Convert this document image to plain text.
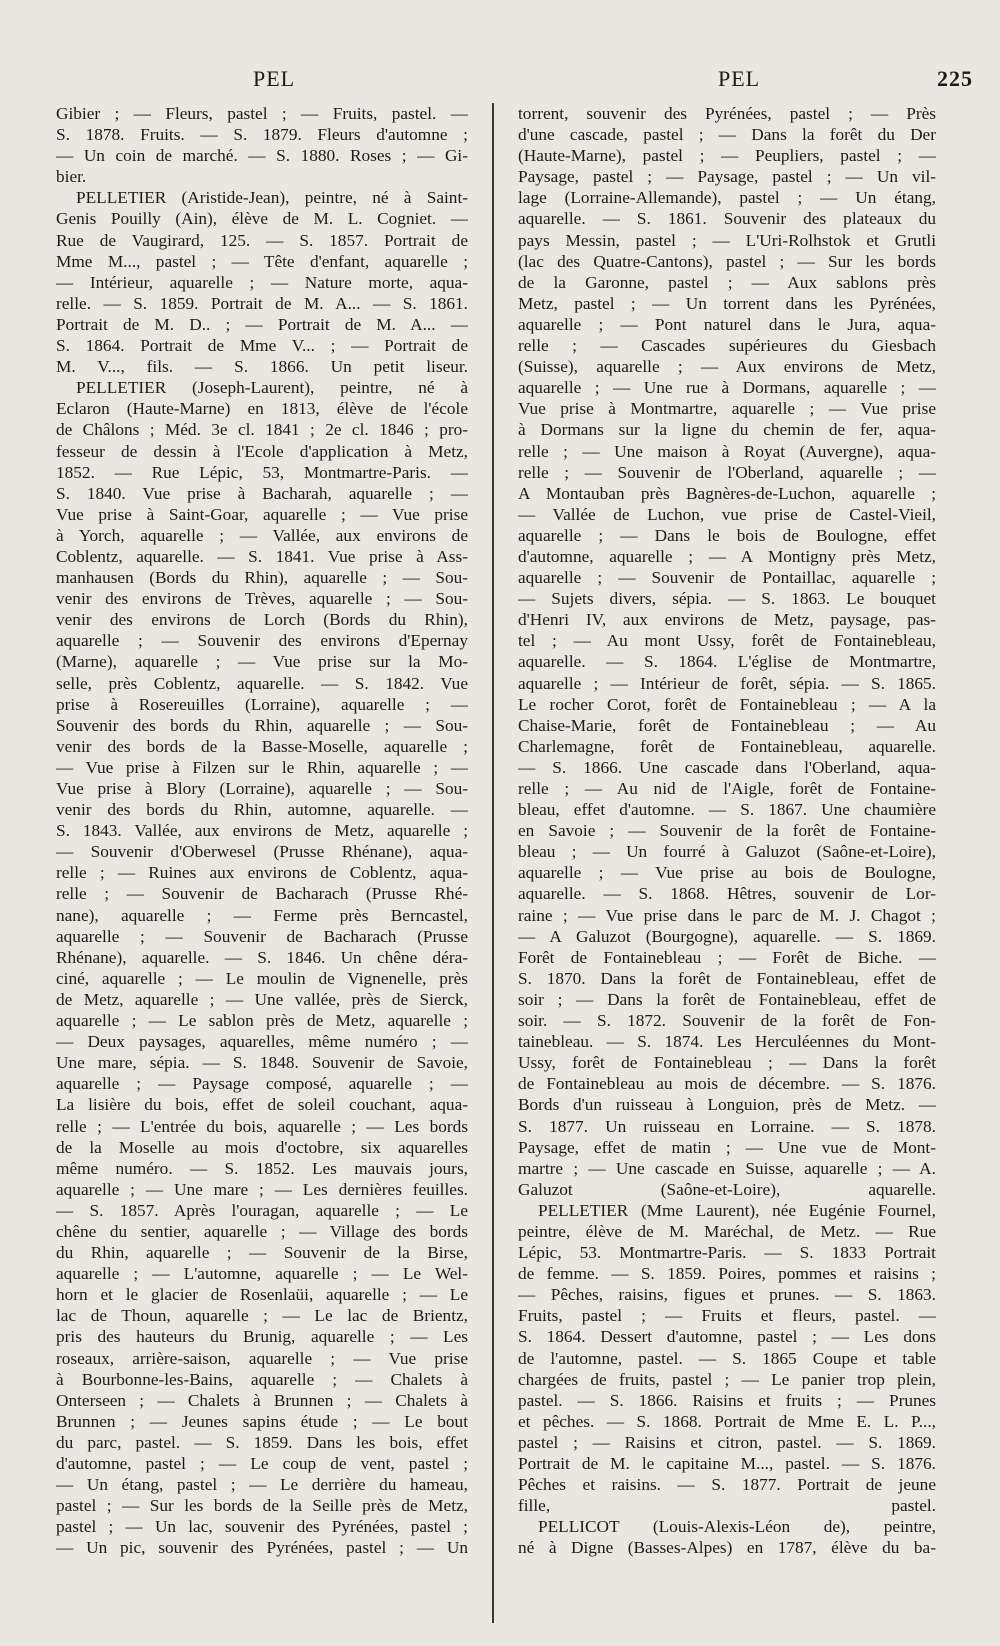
PEL	PEL	225
Gibier ; — Fleurs, pastel ; — Fruits, pastel. —
S. 1878. Fruits. — S. 1879. Fleurs d'automne ;
— Un coin de marché. — S. 1880. Roses ; — Gi-
bier.
PELLETIER (Aristide-Jean), peintre, né à Saint-
Genis Pouilly (Ain), élève de M. L. Cogniet. —
Rue de Vaugirard, 125. — S. 1857. Portrait de
Mme M..., pastel ; — Tête d'enfant, aquarelle ;
— Intérieur, aquarelle ; — Nature morte, aqua-
relle. — S. 1859. Portrait de M. A... — S. 1861.
Portrait de M. D.. ; — Portrait de M. A... —
S. 1864. Portrait de Mme V... ; — Portrait de
M. V..., fils. — S. 1866. Un petit liseur.
PELLETIER (Joseph-Laurent), peintre, né à
Eclaron (Haute-Marne) en 1813, élève de l'école
de Châlons ; Méd. 3e cl. 1841 ; 2e cl. 1846 ; pro-
fesseur de dessin à l'Ecole d'application à Metz,
1852. — Rue Lépic, 53, Montmartre-Paris. —
S. 1840. Vue prise à Bacharah, aquarelle ; —
Vue prise à Saint-Goar, aquarelle ; — Vue prise
à Yorch, aquarelle ; — Vallée, aux environs de
Coblentz, aquarelle. — S. 1841. Vue prise à Ass-
manhausen (Bords du Rhin), aquarelle ; — Sou-
venir des environs de Trèves, aquarelle ; — Sou-
venir des environs de Lorch (Bords du Rhin),
aquarelle ; — Souvenir des environs d'Epernay
(Marne), aquarelle ; — Vue prise sur la Mo-
selle, près Coblentz, aquarelle. — S. 1842. Vue
prise à Rosereuilles (Lorraine), aquarelle ; —
Souvenir des bords du Rhin, aquarelle ; — Sou-
venir des bords de la Basse-Moselle, aquarelle ;
— Vue prise à Filzen sur le Rhin, aquarelle ; —
Vue prise à Blory (Lorraine), aquarelle ; — Sou-
venir des bords du Rhin, automne, aquarelle. —
S. 1843. Vallée, aux environs de Metz, aquarelle ;
— Souvenir d'Oberwesel (Prusse Rhénane), aqua-
relle ; — Ruines aux environs de Coblentz, aqua-
relle ; — Souvenir de Bacharach (Prusse Rhé-
nane), aquarelle ; — Ferme près Berncastel,
aquarelle ; — Souvenir de Bacharach (Prusse
Rhénane), aquarelle. — S. 1846. Un chêne déra-
ciné, aquarelle ; — Le moulin de Vignenelle, près
de Metz, aquarelle ; — Une vallée, près de Sierck,
aquarelle ; — Le sablon près de Metz, aquarelle ;
— Deux paysages, aquarelles, même numéro ; —
Une mare, sépia. — S. 1848. Souvenir de Savoie,
aquarelle ; — Paysage composé, aquarelle ; —
La lisière du bois, effet de soleil couchant, aqua-
relle ; — L'entrée du bois, aquarelle ; — Les bords
de la Moselle au mois d'octobre, six aquarelles
même numéro. — S. 1852. Les mauvais jours,
aquarelle ; — Une mare ; — Les dernières feuilles.
— S. 1857. Après l'ouragan, aquarelle ; — Le
chêne du sentier, aquarelle ; — Village des bords
du Rhin, aquarelle ; — Souvenir de la Birse,
aquarelle ; — L'automne, aquarelle ; — Le Wel-
horn et le glacier de Rosenlaüi, aquarelle ; — Le
lac de Thoun, aquarelle ; — Le lac de Brientz,
pris des hauteurs du Brunig, aquarelle ; — Les
roseaux, arrière-saison, aquarelle ; — Vue prise
à Bourbonne-les-Bains, aquarelle ; — Chalets à
Onterseen ; — Chalets à Brunnen ; — Chalets à
Brunnen ; — Jeunes sapins étude ; — Le bout
du parc, pastel. — S. 1859. Dans les bois, effet
d'automne, pastel ; — Le coup de vent, pastel ;
— Un étang, pastel ; — Le derrière du hameau,
pastel ; — Sur les bords de la Seille près de Metz,
pastel ; — Un lac, souvenir des Pyrénées, pastel ;
— Un pic, souvenir des Pyrénées, pastel ; — Un
torrent, souvenir des Pyrénées, pastel ; — Près
d'une cascade, pastel ; — Dans la forêt du Der
(Haute-Marne), pastel ; — Peupliers, pastel ; —
Paysage, pastel ; — Paysage, pastel ; — Un vil-
lage (Lorraine-Allemande), pastel ; — Un étang,
aquarelle. — S. 1861. Souvenir des plateaux du
pays Messin, pastel ; — L'Uri-Rolhstok et Grutli
(lac des Quatre-Cantons), pastel ; — Sur les bords
de la Garonne, pastel ; — Aux sablons près
Metz, pastel ; — Un torrent dans les Pyrénées,
aquarelle ; — Pont naturel dans le Jura, aqua-
relle ; — Cascades supérieures du Giesbach
(Suisse), aquarelle ; — Aux environs de Metz,
aquarelle ; — Une rue à Dormans, aquarelle ; —
Vue prise à Montmartre, aquarelle ; — Vue prise
à Dormans sur la ligne du chemin de fer, aqua-
relle ; — Une maison à Royat (Auvergne), aqua-
relle ; — Souvenir de l'Oberland, aquarelle ; —
A Montauban près Bagnères-de-Luchon, aquarelle ;
— Vallée de Luchon, vue prise de Castel-Vieil,
aquarelle ; — Dans le bois de Boulogne, effet
d'automne, aquarelle ; — A Montigny près Metz,
aquarelle ; — Souvenir de Pontaillac, aquarelle ;
— Sujets divers, sépia. — S. 1863. Le bouquet
d'Henri IV, aux environs de Metz, paysage, pas-
tel ; — Au mont Ussy, forêt de Fontainebleau,
aquarelle. — S. 1864. L'église de Montmartre,
aquarelle ; — Intérieur de forêt, sépia. — S. 1865.
Le rocher Corot, forêt de Fontainebleau ; — A la
Chaise-Marie, forêt de Fontainebleau ; — Au
Charlemagne, forêt de Fontainebleau, aquarelle.
— S. 1866. Une cascade dans l'Oberland, aqua-
relle ; — Au nid de l'Aigle, forêt de Fontaine-
bleau, effet d'automne. — S. 1867. Une chaumière
en Savoie ; — Souvenir de la forêt de Fontaine-
bleau ; — Un fourré à Galuzot (Saône-et-Loire),
aquarelle ; — Vue prise au bois de Boulogne,
aquarelle. — S. 1868. Hêtres, souvenir de Lor-
raine ; — Vue prise dans le parc de M. J. Chagot ;
— A Galuzot (Bourgogne), aquarelle. — S. 1869.
Forêt de Fontainebleau ; — Forêt de Biche. —
S. 1870. Dans la forêt de Fontainebleau, effet de
soir ; — Dans la forêt de Fontainebleau, effet de
soir. — S. 1872. Souvenir de la forêt de Fon-
tainebleau. — S. 1874. Les Herculéennes du Mont-
Ussy, forêt de Fontainebleau ; — Dans la forêt
de Fontainebleau au mois de décembre. — S. 1876.
Bords d'un ruisseau à Longuion, près de Metz. —
S. 1877. Un ruisseau en Lorraine. — S. 1878.
Paysage, effet de matin ; — Une vue de Mont-
martre ; — Une cascade en Suisse, aquarelle ; — A.
Galuzot (Saône-et-Loire), aquarelle.
PELLETIER (Mme Laurent), née Eugénie Fournel,
peintre, élève de M. Maréchal, de Metz. — Rue
Lépic, 53. Montmartre-Paris. — S. 1833 Portrait
de femme. — S. 1859. Poires, pommes et raisins ;
— Pêches, raisins, figues et prunes. — S. 1863.
Fruits, pastel ; — Fruits et fleurs, pastel. —
S. 1864. Dessert d'automne, pastel ; — Les dons
de l'automne, pastel. — S. 1865 Coupe et table
chargées de fruits, pastel ; — Le panier trop plein,
pastel. — S. 1866. Raisins et fruits ; — Prunes
et pêches. — S. 1868. Portrait de Mme E. L. P...,
pastel ; — Raisins et citron, pastel. — S. 1869.
Portrait de M. le capitaine M..., pastel. — S. 1876.
Pêches et raisins. — S. 1877. Portrait de jeune
fille, pastel.
PELLICOT (Louis-Alexis-Léon de), peintre,
né à Digne (Basses-Alpes) en 1787, élève du ba-
